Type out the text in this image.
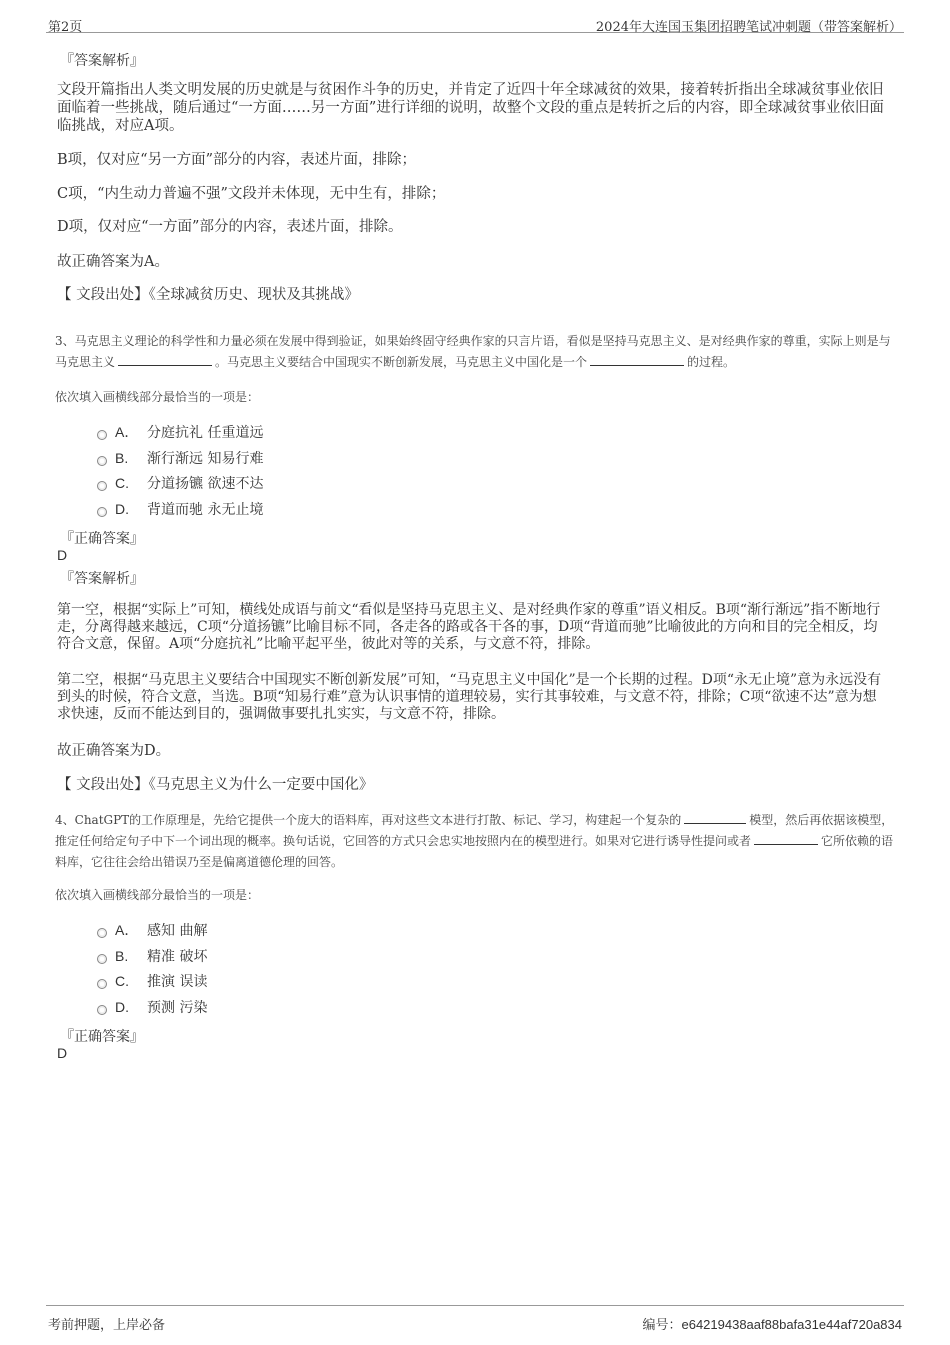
第2页	2024年大连国玉集团招聘笔试冲刺题（带答案解析）
『答案解析』
文段开篇指出人类文明发展的历史就是与贫困作斗争的历史，并肯定了近四十年全球减贫的效果，接着转折指出全球减贫事业依旧面临着一些挑战，随后通过“一方面……另一方面”进行详细的说明，故整个文段的重点是转折之后的内容，即全球减贫事业依旧面临挑战，对应A项。
B项，仅对应“另一方面”部分的内容，表述片面，排除；
C项，“内生动力普遍不强”文段并未体现，无中生有，排除；
D项，仅对应“一方面”部分的内容，表述片面，排除。
故正确答案为A。
【 文段出处】《全球减贫历史、现状及其挑战》
3、马克思主义理论的科学性和力量必须在发展中得到验证，如果始终固守经典作家的只言片语，看似是坚持马克思主义、是对经典作家的尊重，实际上则是与马克思主义	。马克思主义要结合中国现实不断创新发展，马克思主义中国化是一个	的过程。
依次填入画横线部分最恰当的一项是：
A． 分庭抗礼 任重道远
B.	渐行渐远 知易行难
C.	分道扬镳 欲速不达
D.	背道而驰 永无止境
『正确答案』
D
『答案解析』
第一空，根据“实际上”可知，横线处成语与前文“看似是坚持马克思主义、是对经典作家的尊重”语义相反。B项“渐行渐远”指不断地行走，分离得越来越远，C项“分道扬镳”比喻目标不同，各走各的路或各干各的事，D项“背道而驰”比喻彼此的方向和目的完全相反，均符合文意，保留。A项“分庭抗礼”比喻平起平坐，彼此对等的关系，与文意不符，排除。
第二空，根据“马克思主义要结合中国现实不断创新发展”可知，“马克思主义中国化”是一个长期的过程。D项“永无止境”意为永远没有到头的时候，符合文意，当选。B项“知易行难”意为认识事情的道理较易，实行其事较难，与文意不符，排除；C项“欲速不达”意为想求快速，反而不能达到目的，强调做事要扎扎实实，与文意不符，排除。
故正确答案为D。
【 文段出处】《马克思主义为什么一定要中国化》
4、ChatGPT的工作原理是，先给它提供一个庞大的语料库，再对这些文本进行打散、标记、学习，构建起一个复杂的	模型，然后再依据该模型，推定任何给定句子中下一个词出现的概率。换句话说，它回答的方式只会忠实地按照内在的模型进行。如果对它进行诱导性提问或者	它所依赖的语料库，它往往会给出错误乃至是偏离道德伦理的回答。
依次填入画横线部分最恰当的一项是：
A． 感知 曲解
B.	精准 破坏
C.	推演 误读
D.	预测 污染
『正确答案』
D
考前押题，上岸必备	编号：e64219438aaf88bafa31e44af720a834
